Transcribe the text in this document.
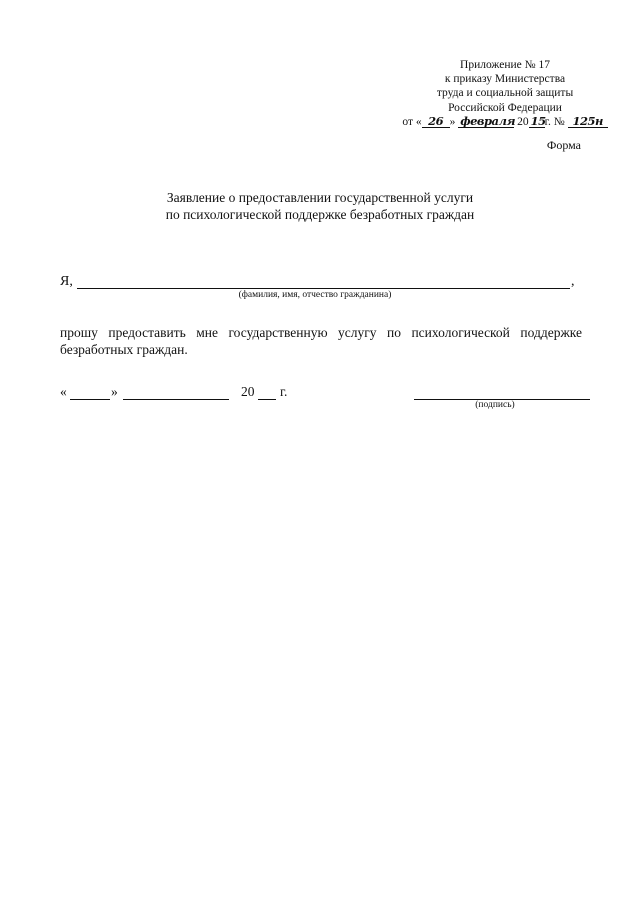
Приложение № 17
к приказу Министерства
труда и социальной защиты
Российской Федерации
от « 26 » февраля 20 15г. № 125н
Форма
Заявление о предоставлении государственной услуги
по психологической поддержке безработных граждан
Я,	,
(фамилия, имя, отчество гражданина)
прошу предоставить мне государственную услугу по психологической поддержке
безработных граждан.
«	»	20 г.
(подпись)
